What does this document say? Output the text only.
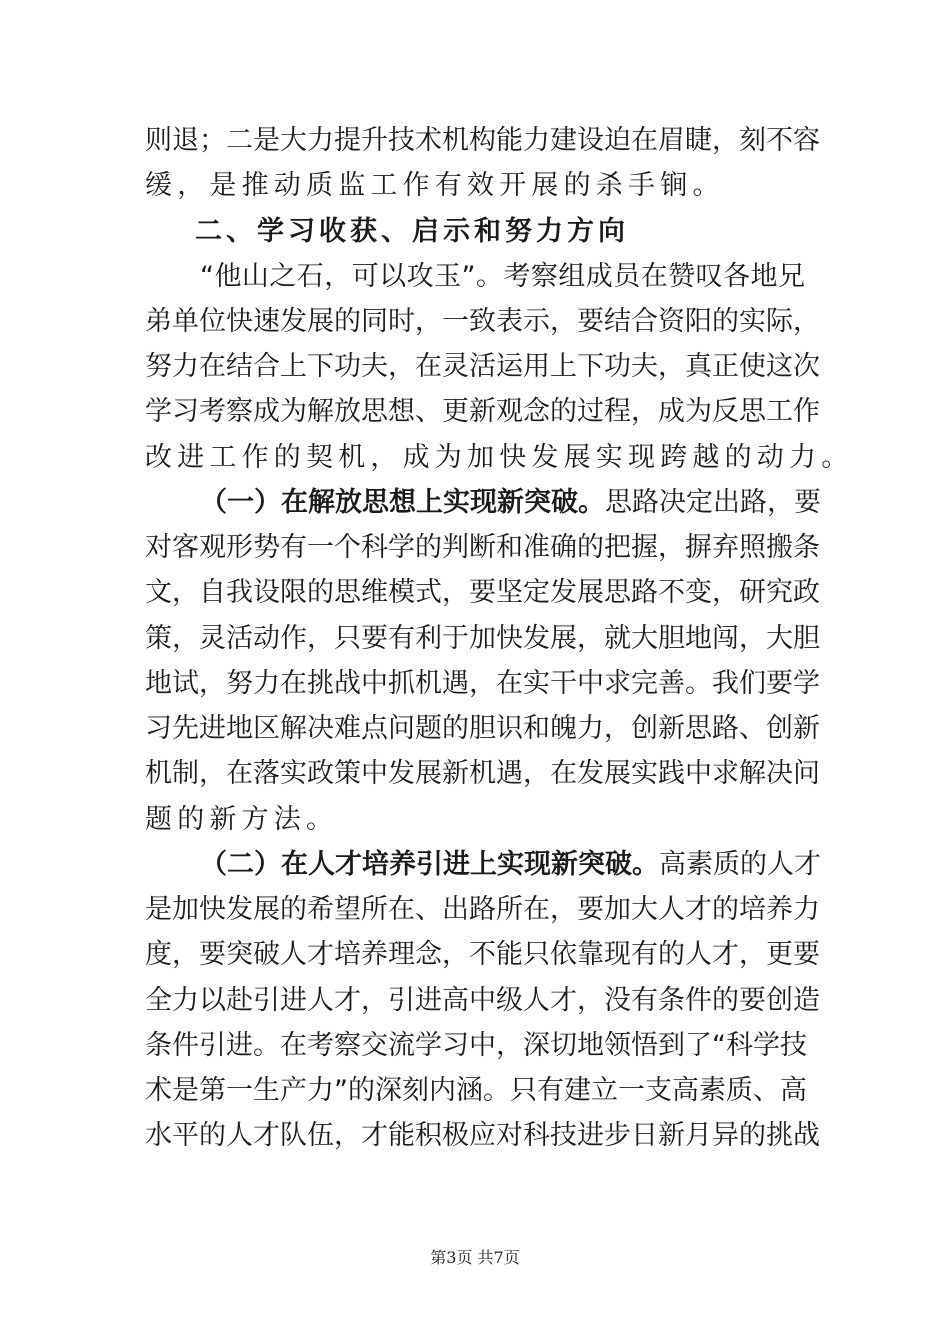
则退；二是大力提升技术机构能力建设迫在眉睫，刻不容
缓，是推动质监工作有效开展的杀手锏。
二、学习收获、启示和努力方向
“他山之石，可以攻玉”。考察组成员在赞叹各地兄
弟单位快速发展的同时，一致表示，要结合资阳的实际，
努力在结合上下功夫，在灵活运用上下功夫，真正使这次
学习考察成为解放思想、更新观念的过程，成为反思工作
改进工作的契机，成为加快发展实现跨越的动力。
（一）在解放思想上实现新突破。思路决定出路，要
对客观形势有一个科学的判断和准确的把握，摒弃照搬条
文，自我设限的思维模式，要坚定发展思路不变，研究政
策，灵活动作，只要有利于加快发展，就大胆地闯，大胆
地试，努力在挑战中抓机遇，在实干中求完善。我们要学
习先进地区解决难点问题的胆识和魄力，创新思路、创新
机制，在落实政策中发展新机遇，在发展实践中求解决问
题的新方法。
（二）在人才培养引进上实现新突破。高素质的人才
是加快发展的希望所在、出路所在，要加大人才的培养力
度，要突破人才培养理念，不能只依靠现有的人才，更要
全力以赴引进人才，引进高中级人才，没有条件的要创造
条件引进。在考察交流学习中，深切地领悟到了“科学技
术是第一生产力”的深刻内涵。只有建立一支高素质、高
水平的人才队伍，才能积极应对科技进步日新月异的挑战
第3页 共7页
